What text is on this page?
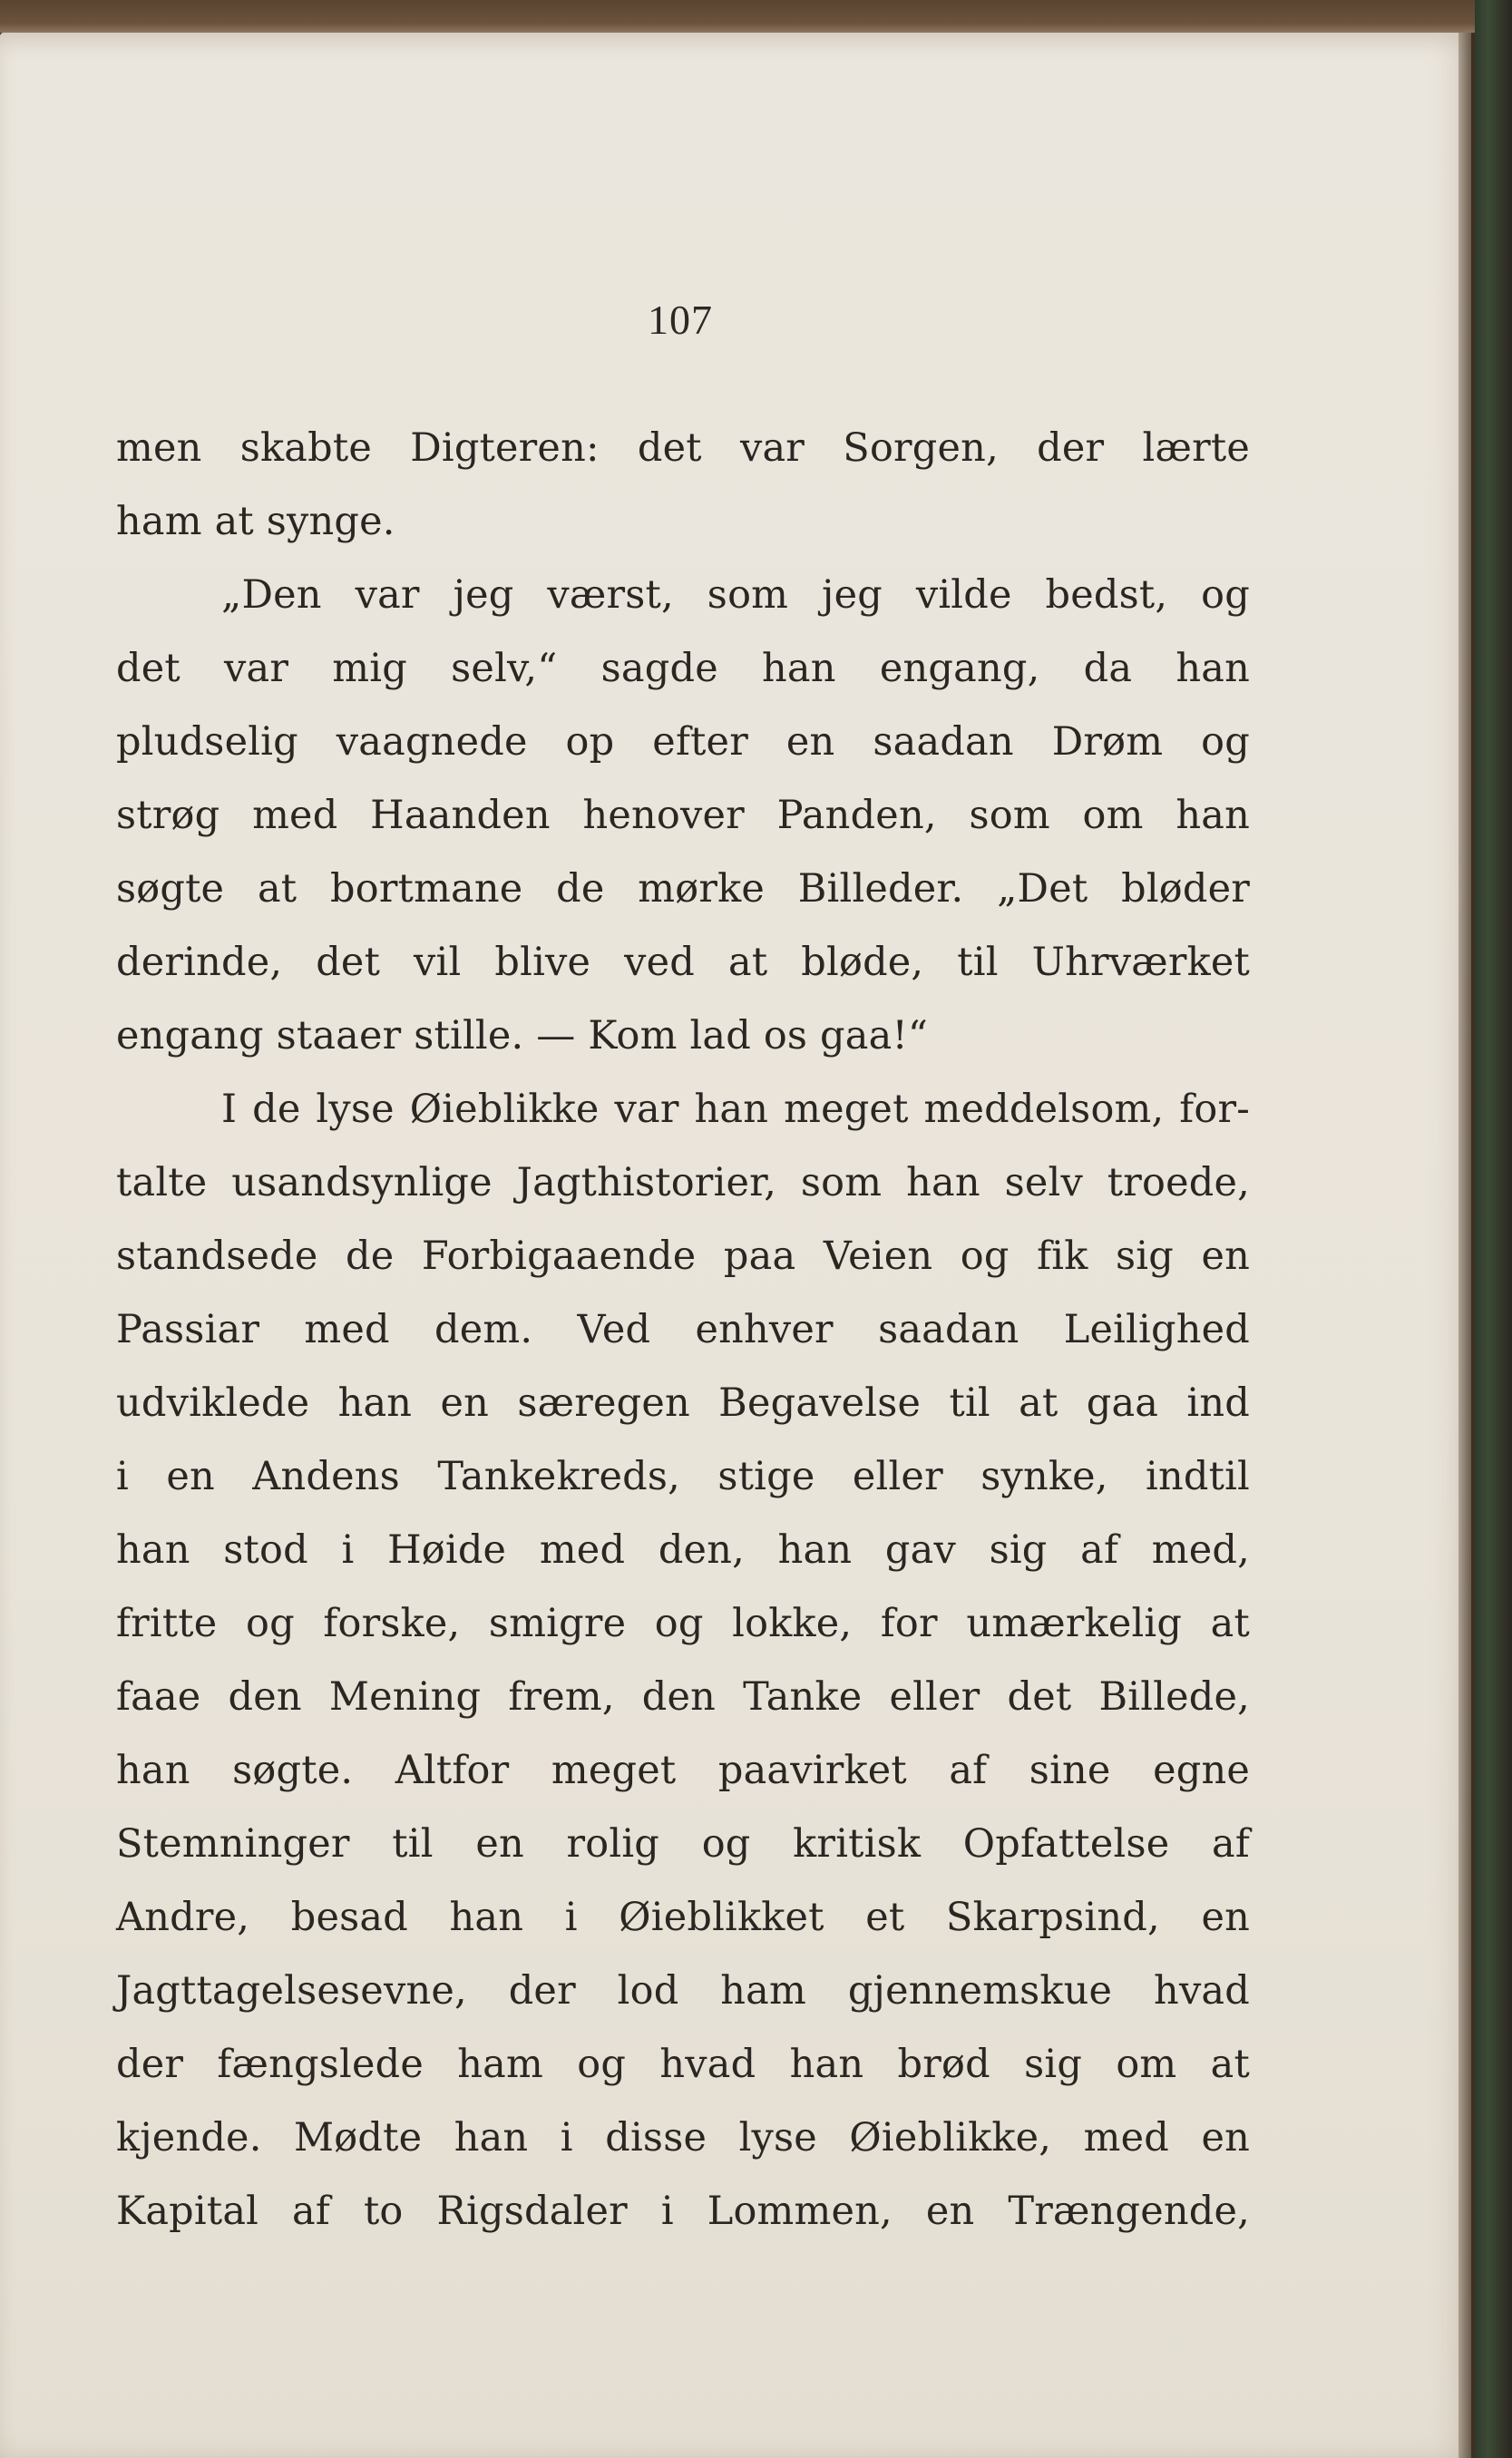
107
men skabte Digteren: det var Sorgen, der lærte
ham at synge.
„Den var jeg værst, som jeg vilde bedst, og
det var mig selv,“ sagde han engang, da han
pludselig vaagnede op efter en saadan Drøm og
strøg med Haanden henover Panden, som om han
søgte at bortmane de mørke Billeder. „Det bløder
derinde, det vil blive ved at bløde, til Uhrværket
engang staaer stille. — Kom lad os gaa!“
I de lyse Øieblikke var han meget meddelsom, for-
talte usandsynlige Jagthistorier, som han selv troede,
standsede de Forbigaaende paa Veien og fik sig en
Passiar med dem. Ved enhver saadan Leilighed
udviklede han en særegen Begavelse til at gaa ind
i en Andens Tankekreds, stige eller synke, indtil
han stod i Høide med den, han gav sig af med,
fritte og forske, smigre og lokke, for umærkelig at
faae den Mening frem, den Tanke eller det Billede,
han søgte. Altfor meget paavirket af sine egne
Stemninger til en rolig og kritisk Opfattelse af
Andre, besad han i Øieblikket et Skarpsind, en
Jagttagelsesevne, der lod ham gjennemskue hvad
der fængslede ham og hvad han brød sig om at
kjende. Mødte han i disse lyse Øieblikke, med en
Kapital af to Rigsdaler i Lommen, en Trængende,
